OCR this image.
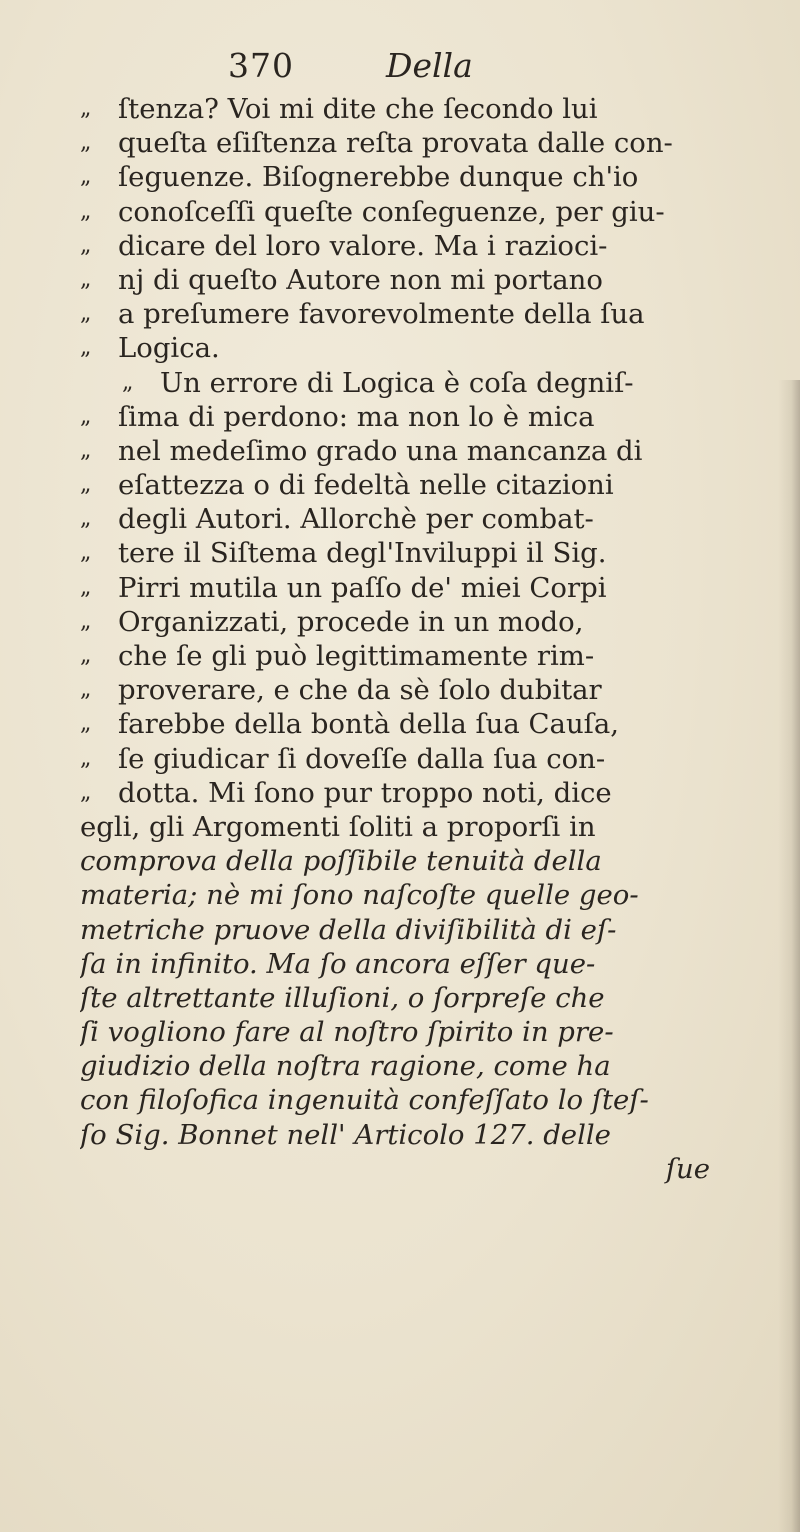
370	Della
„ ſtenza? Voi mi dite che ſecondo lui
„ queſta eſiſtenza reſta provata dalle con-
„ ſeguenze. Biſognerebbe dunque ch'io
„ conoſceſſi queſte conſeguenze, per giu-
„ dicare del loro valore. Ma i razioci-
„ nj di queſto Autore non mi portano
„ a preſumere favorevolmente della ſua
„ Logica.
„ Un errore di Logica è coſa degniſ-
„ ſima di perdono: ma non lo è mica
„ nel medeſimo grado una mancanza di
„ eſattezza o di fedeltà nelle citazioni
„ degli Autori. Allorchè per combat-
„ tere il Siſtema degl'Inviluppi il Sig.
„ Pirri mutila un paſſo de' miei Corpi
„ Organizzati, procede in un modo,
„ che ſe gli può legittimamente rim-
„ proverare, e che da sè ſolo dubitar
„ farebbe della bontà della ſua Cauſa,
„ ſe giudicar ſi doveſſe dalla ſua con-
„ dotta. Mi ſono pur troppo noti, dice
egli, gli Argomenti ſoliti a proporſi in
comprova della poſſibile tenuità della
materia; nè mi ſono naſcoſte quelle geo-
metriche pruove della diviſibilità di eſ-
ſa in infinito. Ma ſo ancora eſſer que-
ſte altrettante illuſioni, o ſorpreſe che
ſi vogliono fare al noſtro ſpirito in pre-
giudizio della noſtra ragione, come ha
con filoſofica ingenuità confeſſato lo ſteſ-
ſo Sig. Bonnet nell' Articolo 127. delle
ſue
